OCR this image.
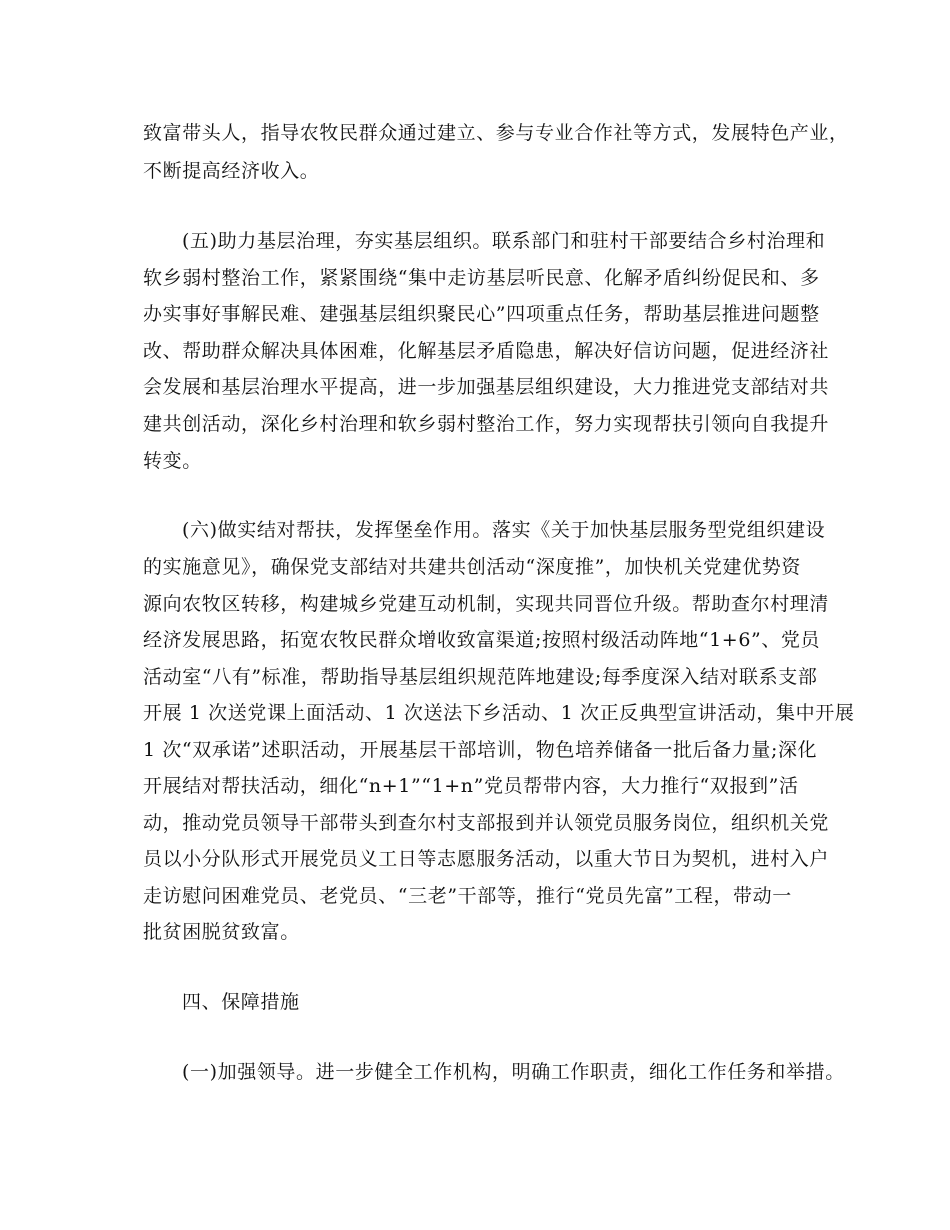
致富带头人，指导农牧民群众通过建立、参与专业合作社等方式，发展特色产业，
不断提高经济收入。
(五)助力基层治理，夯实基层组织。联系部门和驻村干部要结合乡村治理和
软乡弱村整治工作，紧紧围绕“集中走访基层听民意、化解矛盾纠纷促民和、多
办实事好事解民难、建强基层组织聚民心”四项重点任务，帮助基层推进问题整
改、帮助群众解决具体困难，化解基层矛盾隐患，解决好信访问题，促进经济社
会发展和基层治理水平提高，进一步加强基层组织建设，大力推进党支部结对共
建共创活动，深化乡村治理和软乡弱村整治工作，努力实现帮扶引领向自我提升
转变。
(六)做实结对帮扶，发挥堡垒作用。落实《关于加快基层服务型党组织建设
的实施意见》，确保党支部结对共建共创活动“深度推”，加快机关党建优势资
源向农牧区转移，构建城乡党建互动机制，实现共同晋位升级。帮助查尔村理清
经济发展思路，拓宽农牧民群众增收致富渠道;按照村级活动阵地“1+6”、党员
活动室“八有”标准，帮助指导基层组织规范阵地建设;每季度深入结对联系支部
开展 1 次送党课上面活动、1 次送法下乡活动、1 次正反典型宣讲活动，集中开展
1 次“双承诺”述职活动，开展基层干部培训，物色培养储备一批后备力量;深化
开展结对帮扶活动，细化“n+1”“1+n”党员帮带内容，大力推行“双报到”活
动，推动党员领导干部带头到查尔村支部报到并认领党员服务岗位，组织机关党
员以小分队形式开展党员义工日等志愿服务活动，以重大节日为契机，进村入户
走访慰问困难党员、老党员、“三老”干部等，推行“党员先富”工程，带动一
批贫困脱贫致富。
四、保障措施
(一)加强领导。进一步健全工作机构，明确工作职责，细化工作任务和举措。
